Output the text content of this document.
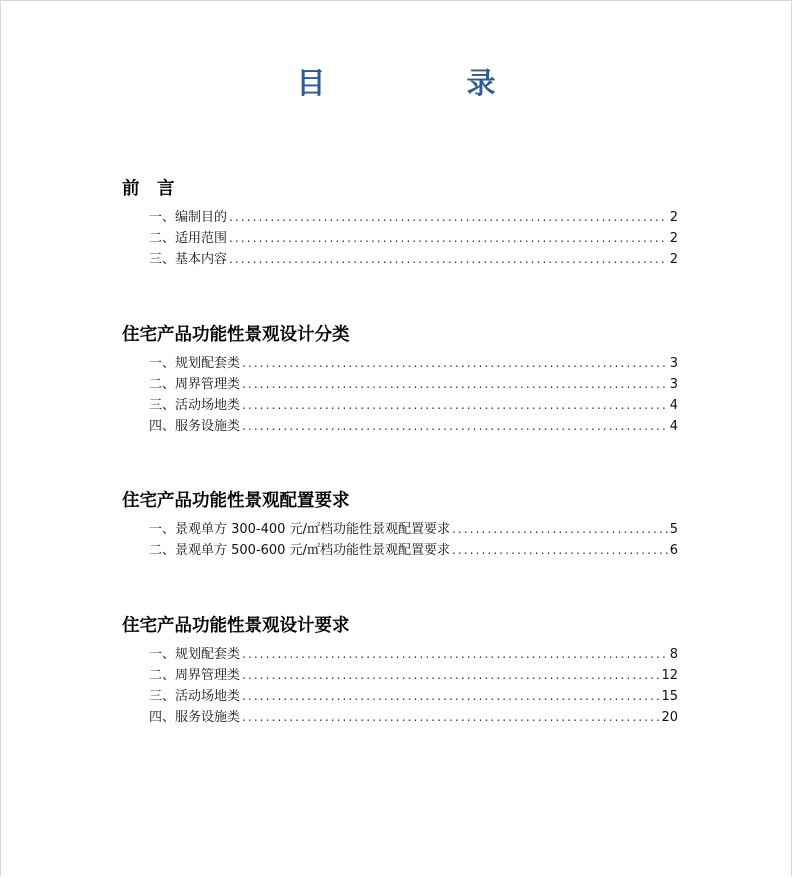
目　录
前　言
一、编制目的 .....	2
二、适用范围 .....	2
三、基本内容 .....	2
住宅产品功能性景观设计分类
一、规划配套类 .....	3
二、周界管理类 .....	3
三、活动场地类 .....	4
四、服务设施类 .....	4
住宅产品功能性景观配置要求
一、景观单方 300-400 元/㎡档功能性景观配置要求 .....	5
二、景观单方 500-600 元/㎡档功能性景观配置要求 .....	6
住宅产品功能性景观设计要求
一、规划配套类 .....	8
二、周界管理类 .....	12
三、活动场地类 .....	15
四、服务设施类 .....	20
